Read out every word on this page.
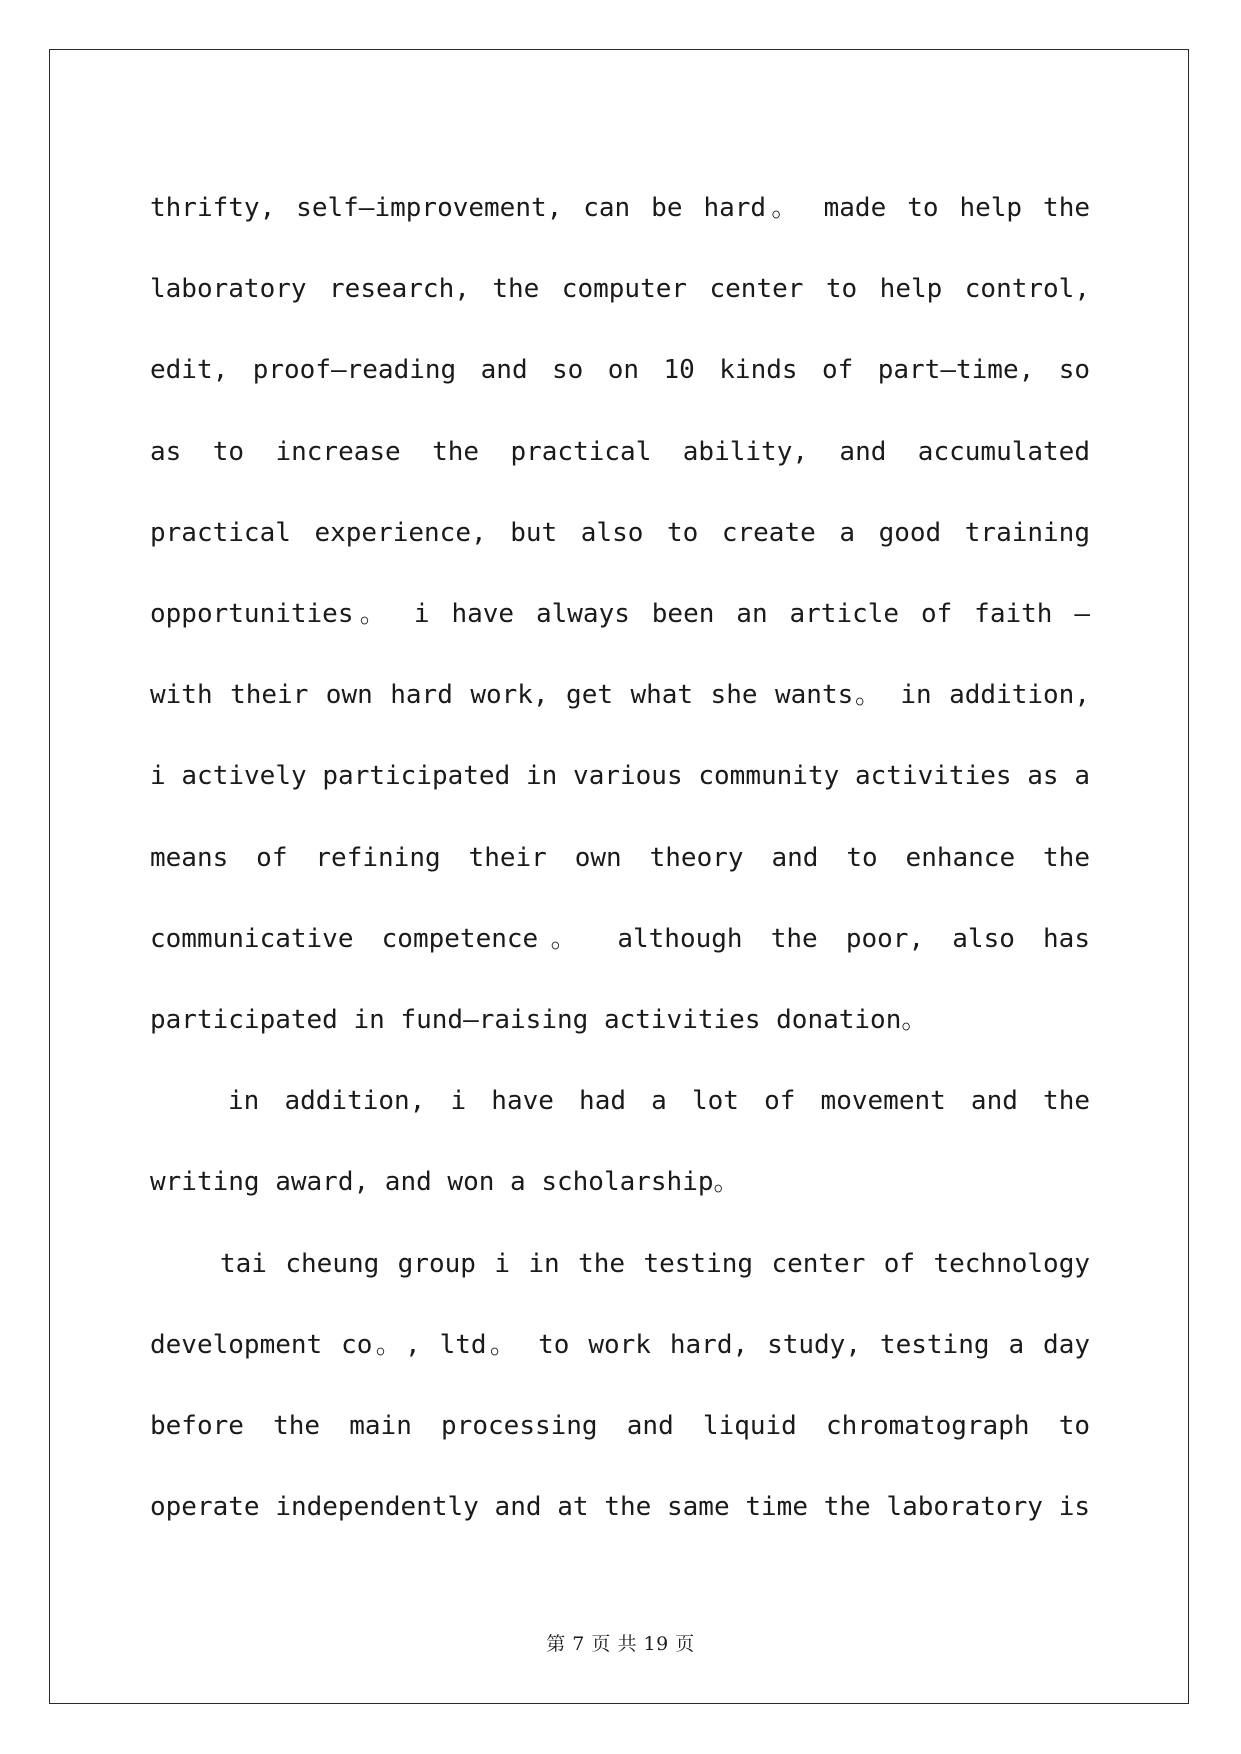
thrifty, self—improvement, can be hard。 made to help the
laboratory research, the computer center to help control,
edit, proof—reading and so on 10 kinds of part—time, so
as to increase the practical ability, and accumulated
practical experience, but also to create a good training
opportunities。 i have always been an article of faith —
with their own hard work, get what she wants。 in addition,
i actively participated in various community activities as a
means of refining their own theory and to enhance the
communicative competence。 although the poor, also has
participated in fund—raising activities donation。

in addition, i have had a lot of movement and the
writing award, and won a scholarship。

tai cheung group i in the testing center of technology
development co。, ltd。 to work hard, study, testing a day
before the main processing and liquid chromatograph to
operate independently and at the same time the laboratory is

第 7 页 共 19 页
